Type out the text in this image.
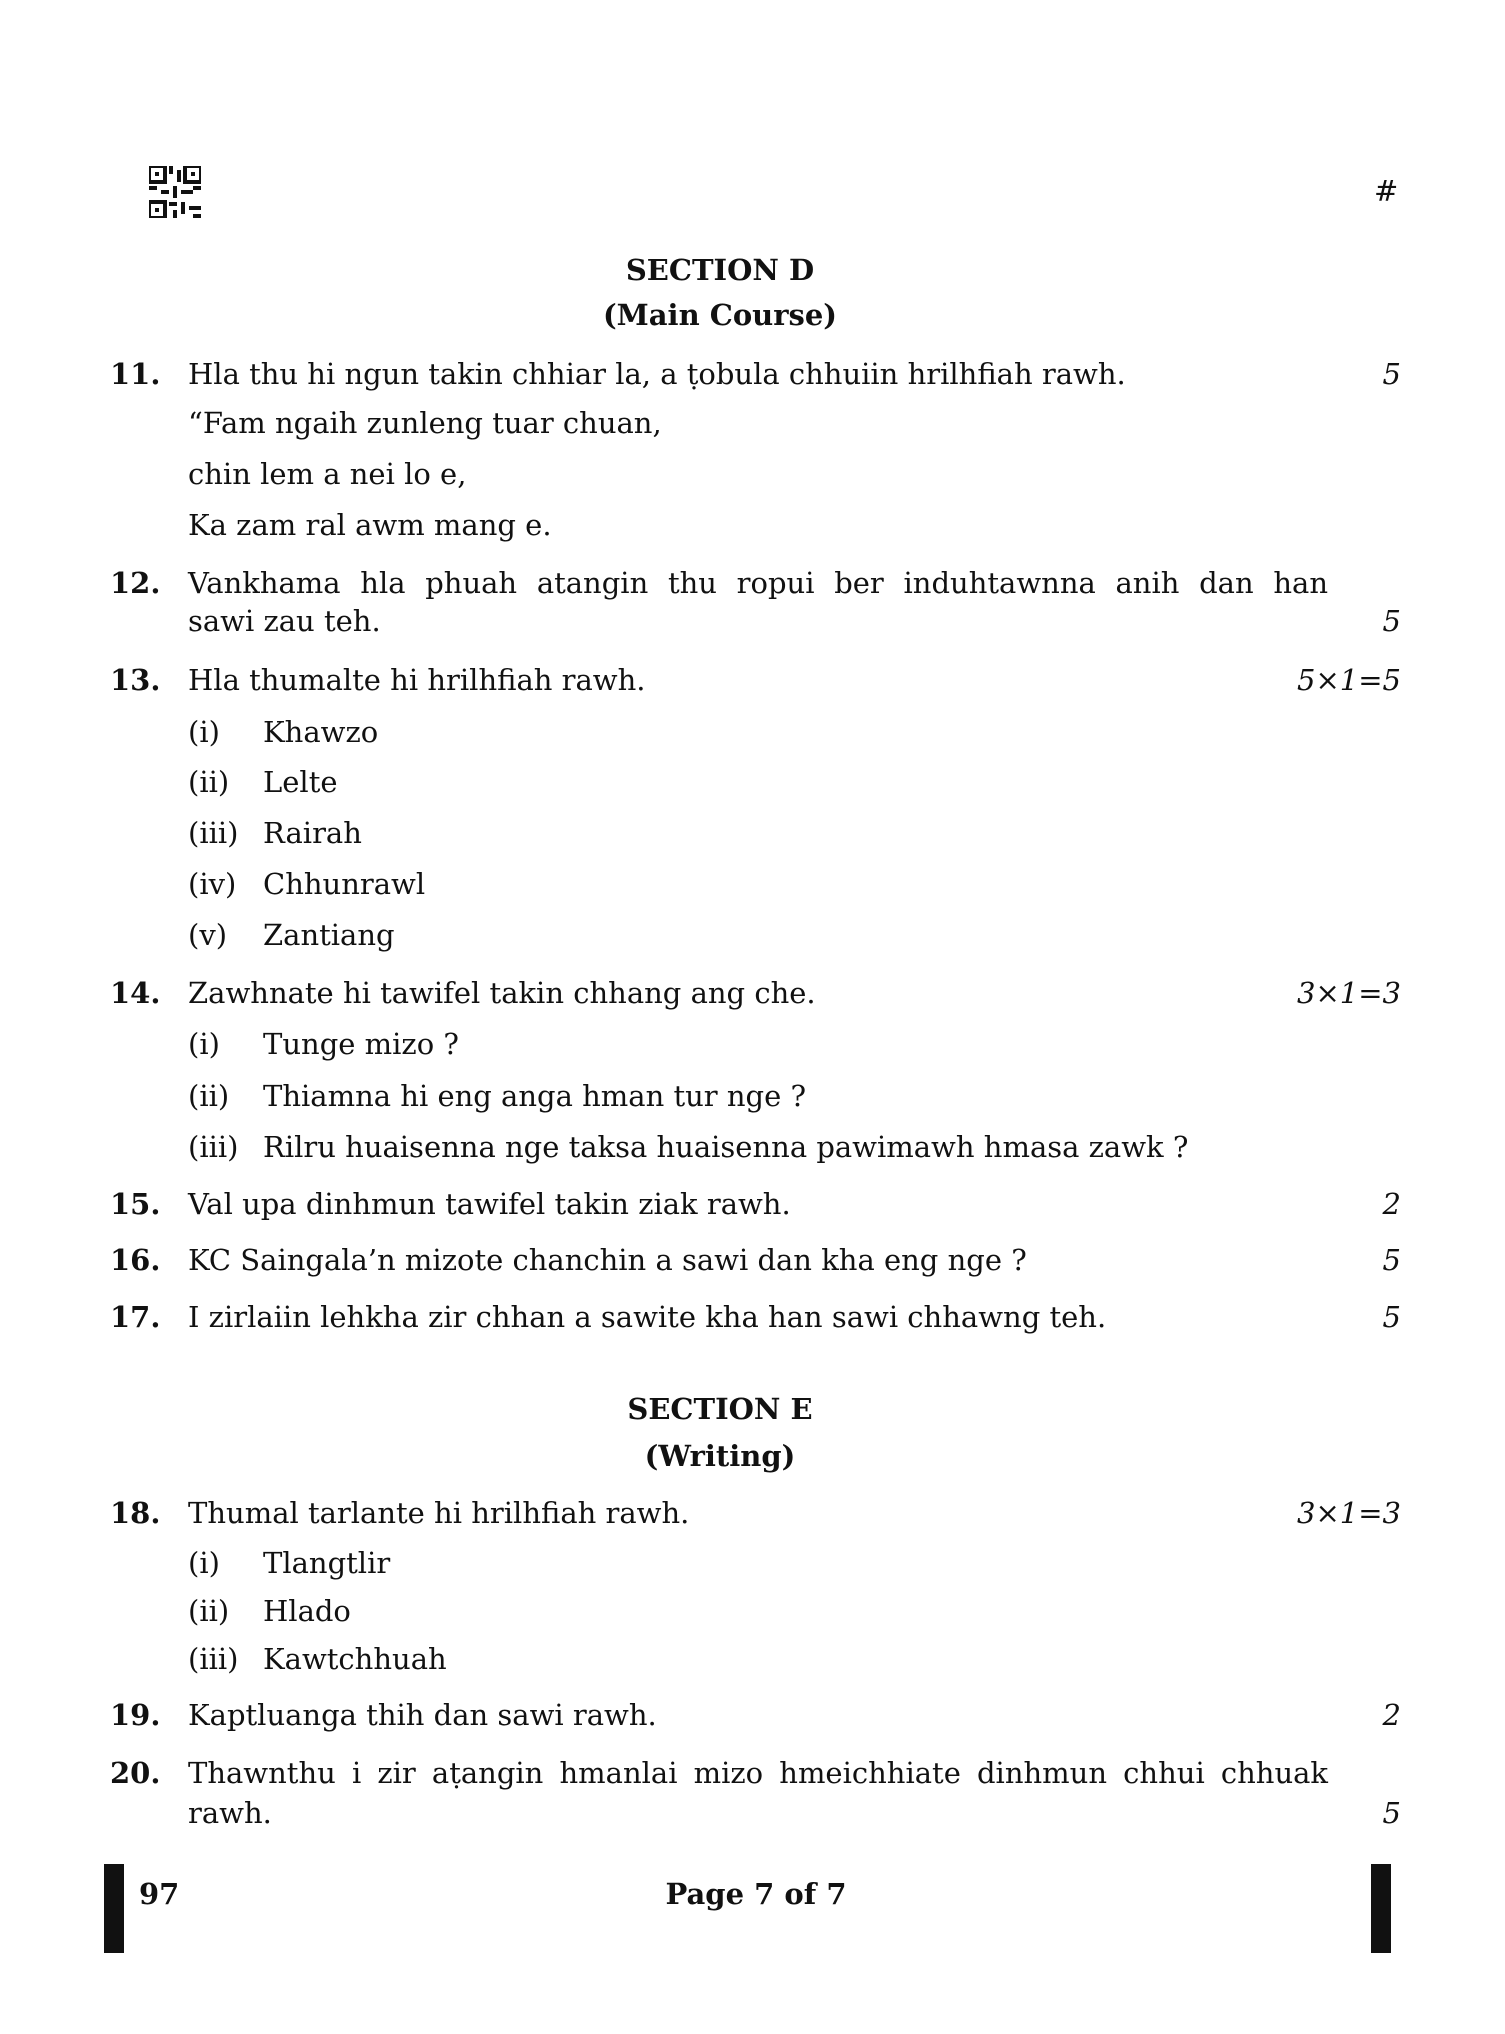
#
SECTION D
(Main Course)
11. Hla thu hi ngun takin chhiar la, a ṭobula chhuiin hrilhfiah rawh.	5
“Fam ngaih zunleng tuar chuan,
chin lem a nei lo e,
Ka zam ral awm mang e.
12. Vankhama hla phuah atangin thu ropui ber induhtawnna anih dan han
sawi zau teh.	5
13. Hla thumalte hi hrilhfiah rawh.	5×1=5
(i) Khawzo
(ii) Lelte
(iii) Rairah
(iv) Chhunrawl
(v) Zantiang
14. Zawhnate hi tawifel takin chhang ang che.	3×1=3
(i) Tunge mizo ?
(ii) Thiamna hi eng anga hman tur nge ?
(iii) Rilru huaisenna nge taksa huaisenna pawimawh hmasa zawk ?
15. Val upa dinhmun tawifel takin ziak rawh.	2
16. KC Saingala’n mizote chanchin a sawi dan kha eng nge ?	5
17. I zirlaiin lehkha zir chhan a sawite kha han sawi chhawng teh.	5
SECTION E
(Writing)
18. Thumal tarlante hi hrilhfiah rawh.	3×1=3
(i) Tlangtlir
(ii) Hlado
(iii) Kawtchhuah
19. Kaptluanga thih dan sawi rawh.	2
20. Thawnthu i zir aṭangin hmanlai mizo hmeichhiate dinhmun chhui chhuak
rawh.	5
97	Page 7 of 7
